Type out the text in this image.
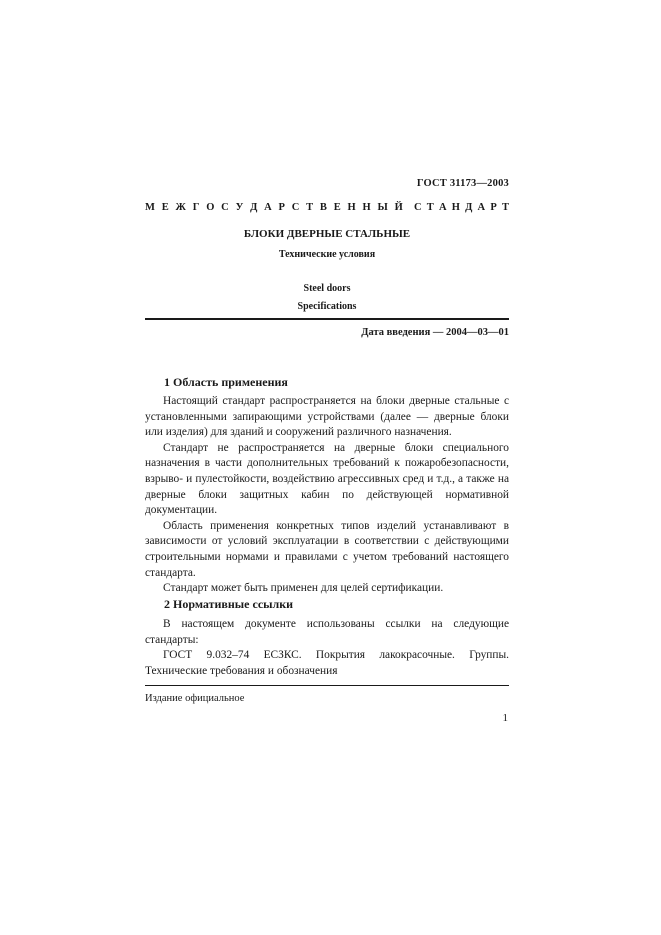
ГОСТ 31173—2003
М Е Ж Г О С У Д А Р С Т В Е Н Н Ы Й С Т А Н Д А Р Т
БЛОКИ ДВЕРНЫЕ СТАЛЬНЫЕ
Технические условия
Steel doors
Specifications
Дата введения — 2004—03—01
1 Область применения

Настоящий стандарт распространяется на блоки дверные стальные с установленными запирающими устройствами (далее — дверные блоки или изделия) для зданий и сооружений различного назначения.

Стандарт не распространяется на дверные блоки специального назначения в части дополнительных требований к пожаробезопасности, взрыво- и пулестойкости, воздействию агрессивных сред и т.д., а также на дверные блоки защитных кабин по действующей нормативной документации.

Область применения конкретных типов изделий устанавливают в зависимости от условий эксплуатации в соответствии с действующими строительными нормами и правилами с учетом требований настоящего стандарта.

Стандарт может быть применен для целей сертификации.

2 Нормативные ссылки

В настоящем документе использованы ссылки на следующие стандарты:

ГОСТ 9.032–74 ЕСЗКС. Покрытия лакокрасочные. Группы. Технические требования и обозначения

Издание официальное
1
